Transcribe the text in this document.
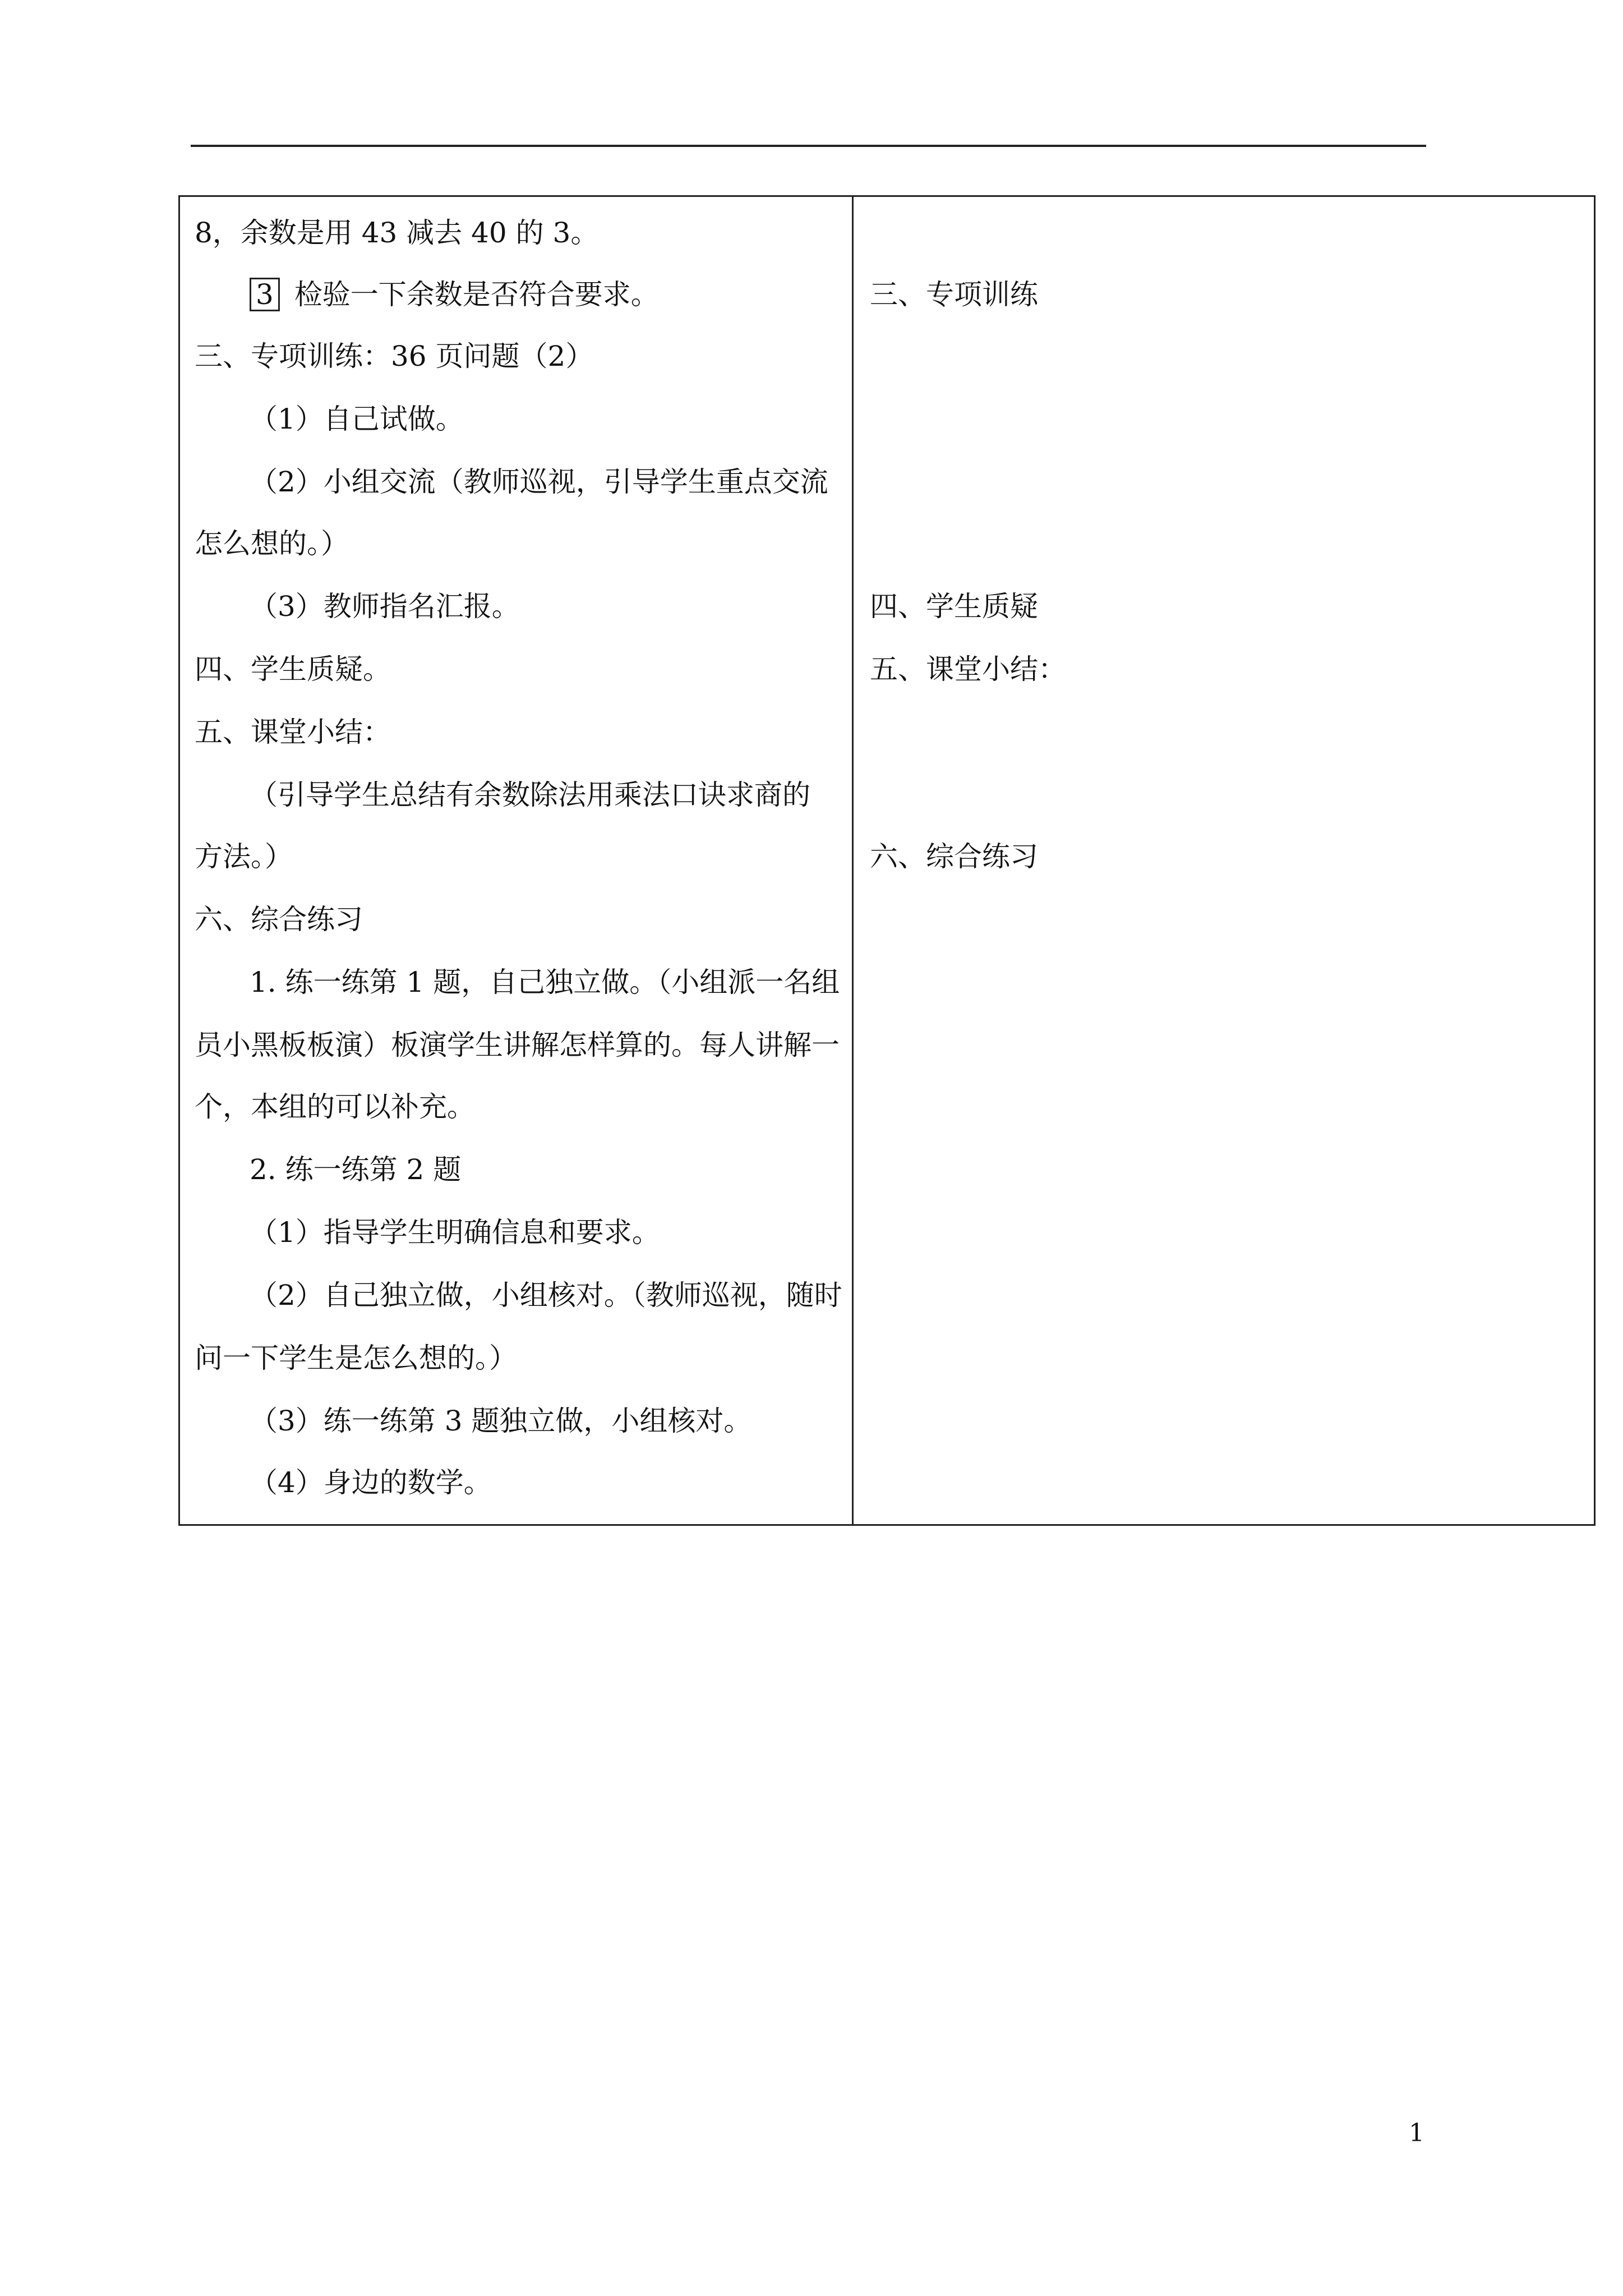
8，余数是用 43 减去 40 的 3。
3 检验一下余数是否符合要求。
三、专项训练：36 页问题（2）
（1）自己试做。
（2）小组交流（教师巡视，引导学生重点交流
怎么想的。）
（3）教师指名汇报。
四、学生质疑。
五、课堂小结：
（引导学生总结有余数除法用乘法口诀求商的
方法。）
六、综合练习
1. 练一练第 1 题，自己独立做。（小组派一名组
员小黑板板演）板演学生讲解怎样算的。每人讲解一
个，本组的可以补充。
2. 练一练第 2 题
（1）指导学生明确信息和要求。
（2）自己独立做，小组核对。（教师巡视，随时
问一下学生是怎么想的。）
（3）练一练第 3 题独立做，小组核对。
（4）身边的数学。
三、专项训练
四、学生质疑
五、课堂小结：
六、综合练习
1
